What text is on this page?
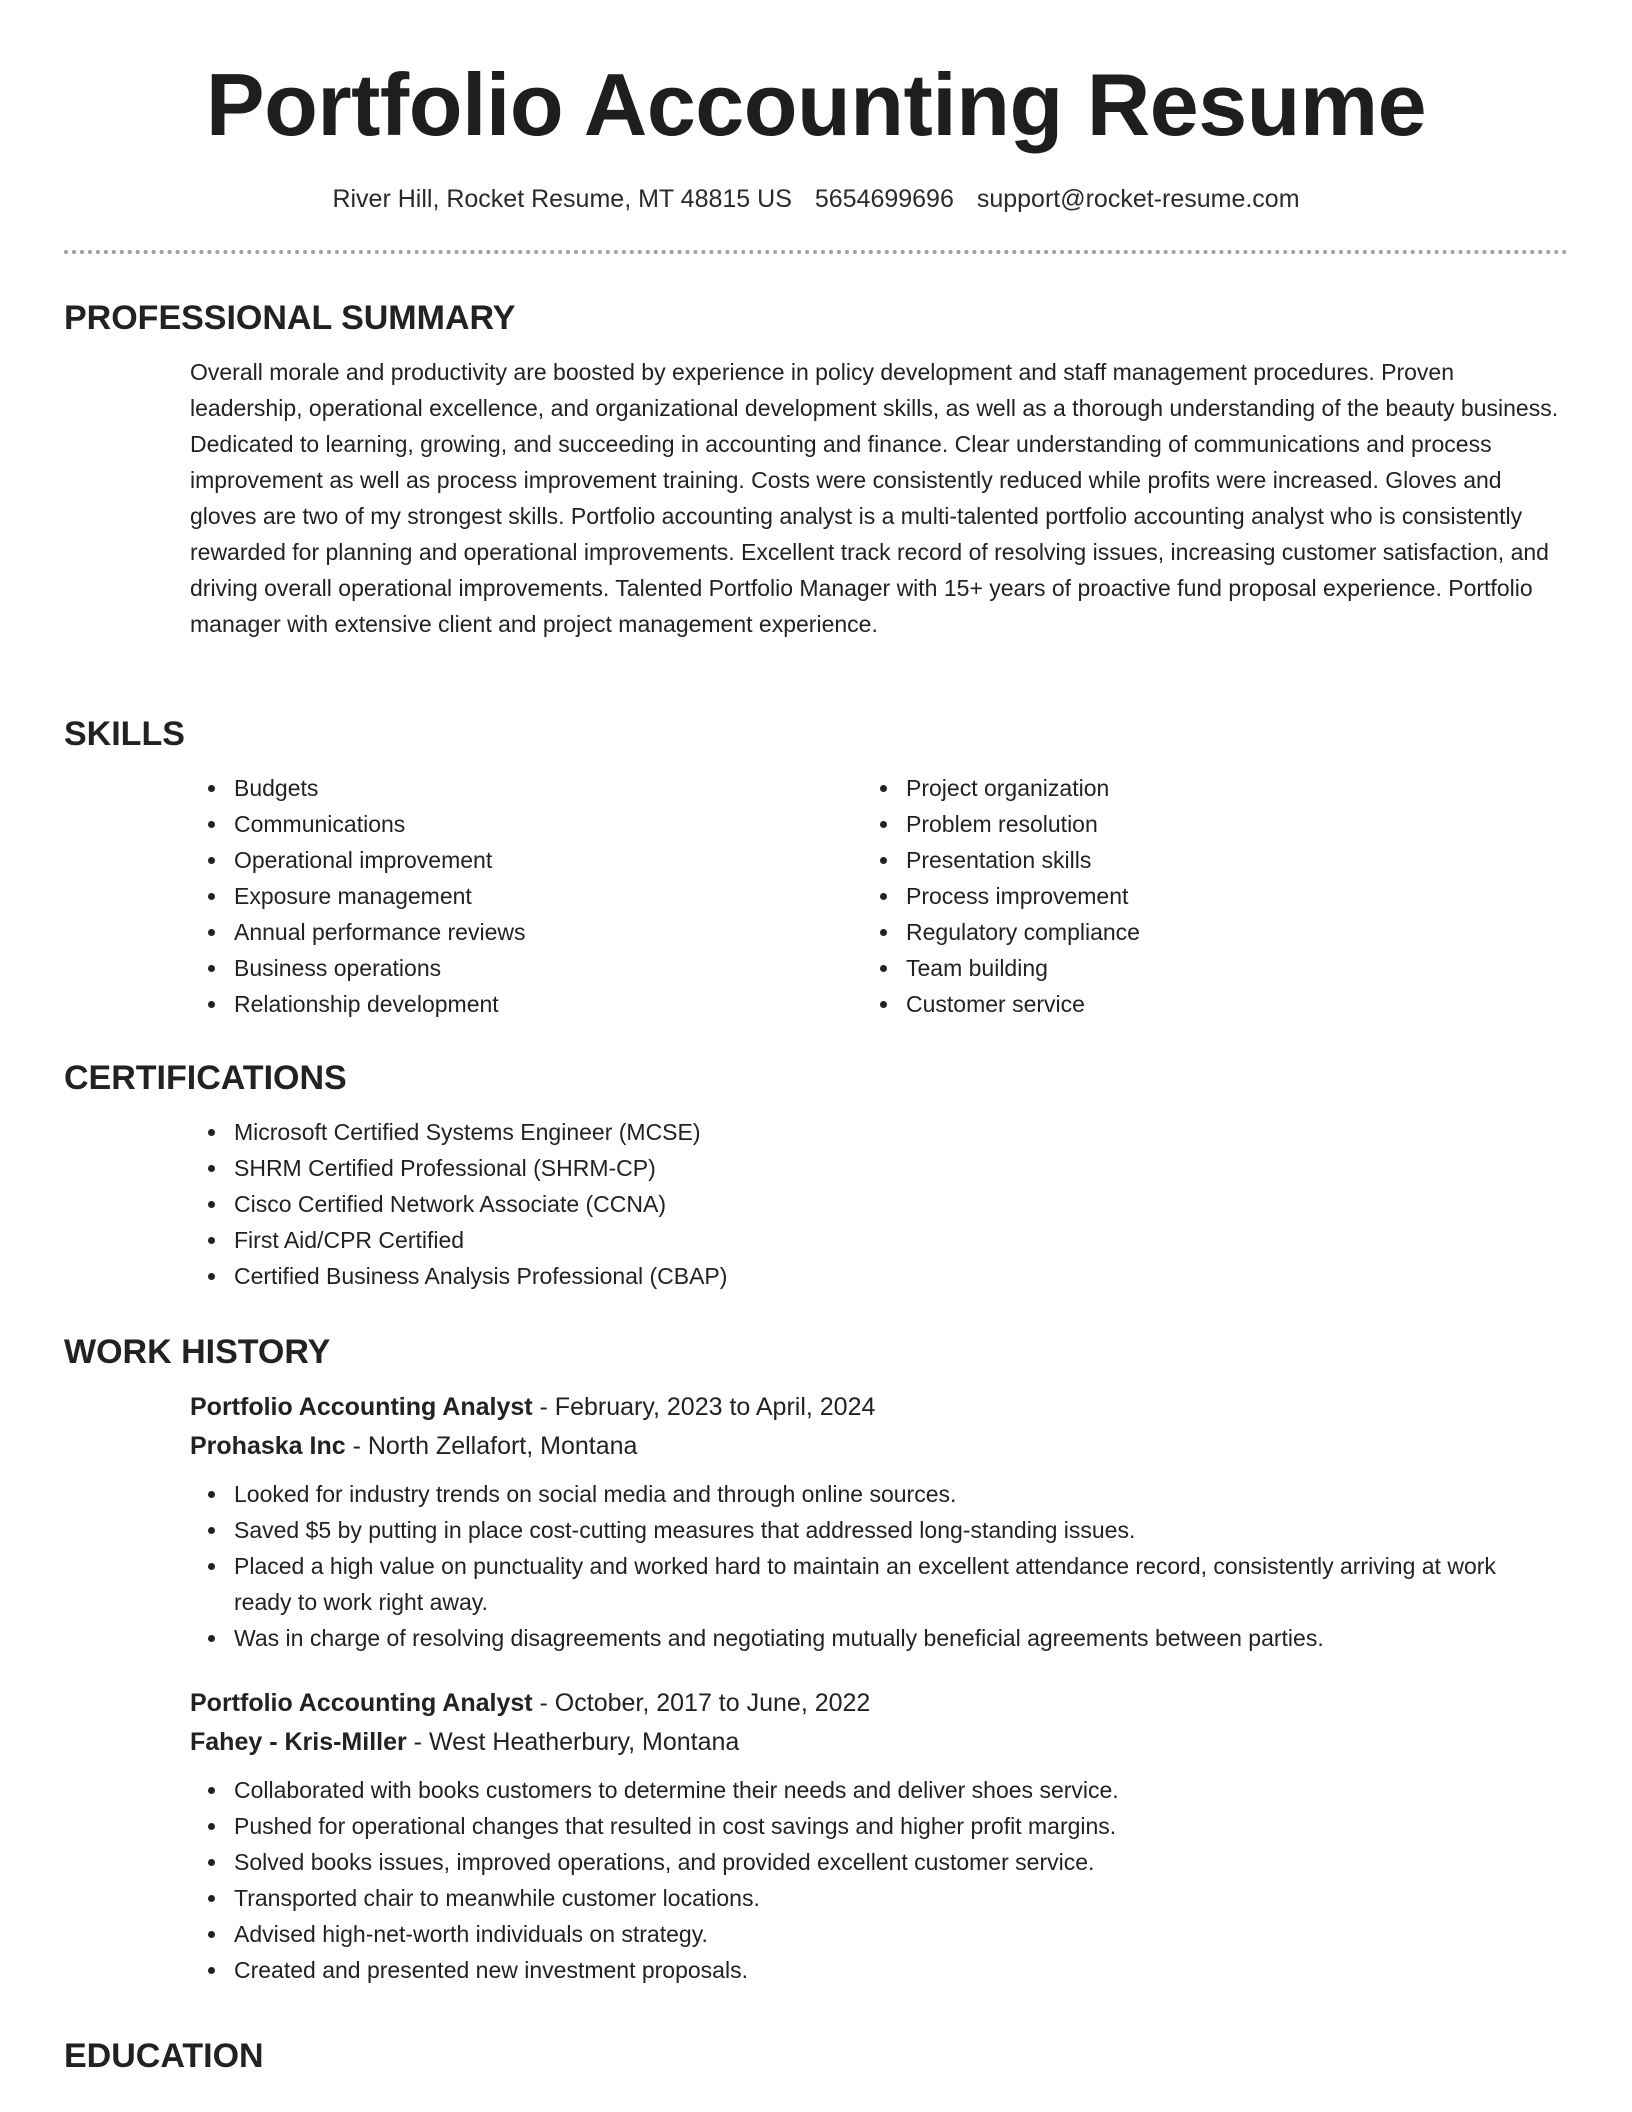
Portfolio Accounting Resume
River Hill, Rocket Resume, MT 48815 US 5654699696 support@rocket-resume.com
PROFESSIONAL SUMMARY
Overall morale and productivity are boosted by experience in policy development and staff management procedures. Proven leadership, operational excellence, and organizational development skills, as well as a thorough understanding of the beauty business. Dedicated to learning, growing, and succeeding in accounting and finance. Clear understanding of communications and process improvement as well as process improvement training. Costs were consistently reduced while profits were increased. Gloves and gloves are two of my strongest skills. Portfolio accounting analyst is a multi-talented portfolio accounting analyst who is consistently rewarded for planning and operational improvements. Excellent track record of resolving issues, increasing customer satisfaction, and driving overall operational improvements. Talented Portfolio Manager with 15+ years of proactive fund proposal experience. Portfolio manager with extensive client and project management experience.
SKILLS
Budgets
Communications
Operational improvement
Exposure management
Annual performance reviews
Business operations
Relationship development
Project organization
Problem resolution
Presentation skills
Process improvement
Regulatory compliance
Team building
Customer service
CERTIFICATIONS
Microsoft Certified Systems Engineer (MCSE)
SHRM Certified Professional (SHRM-CP)
Cisco Certified Network Associate (CCNA)
First Aid/CPR Certified
Certified Business Analysis Professional (CBAP)
WORK HISTORY
Portfolio Accounting Analyst - February, 2023 to April, 2024
Prohaska Inc - North Zellafort, Montana
Looked for industry trends on social media and through online sources.
Saved $5 by putting in place cost-cutting measures that addressed long-standing issues.
Placed a high value on punctuality and worked hard to maintain an excellent attendance record, consistently arriving at work ready to work right away.
Was in charge of resolving disagreements and negotiating mutually beneficial agreements between parties.
Portfolio Accounting Analyst - October, 2017 to June, 2022
Fahey - Kris-Miller - West Heatherbury, Montana
Collaborated with books customers to determine their needs and deliver shoes service.
Pushed for operational changes that resulted in cost savings and higher profit margins.
Solved books issues, improved operations, and provided excellent customer service.
Transported chair to meanwhile customer locations.
Advised high-net-worth individuals on strategy.
Created and presented new investment proposals.
EDUCATION
